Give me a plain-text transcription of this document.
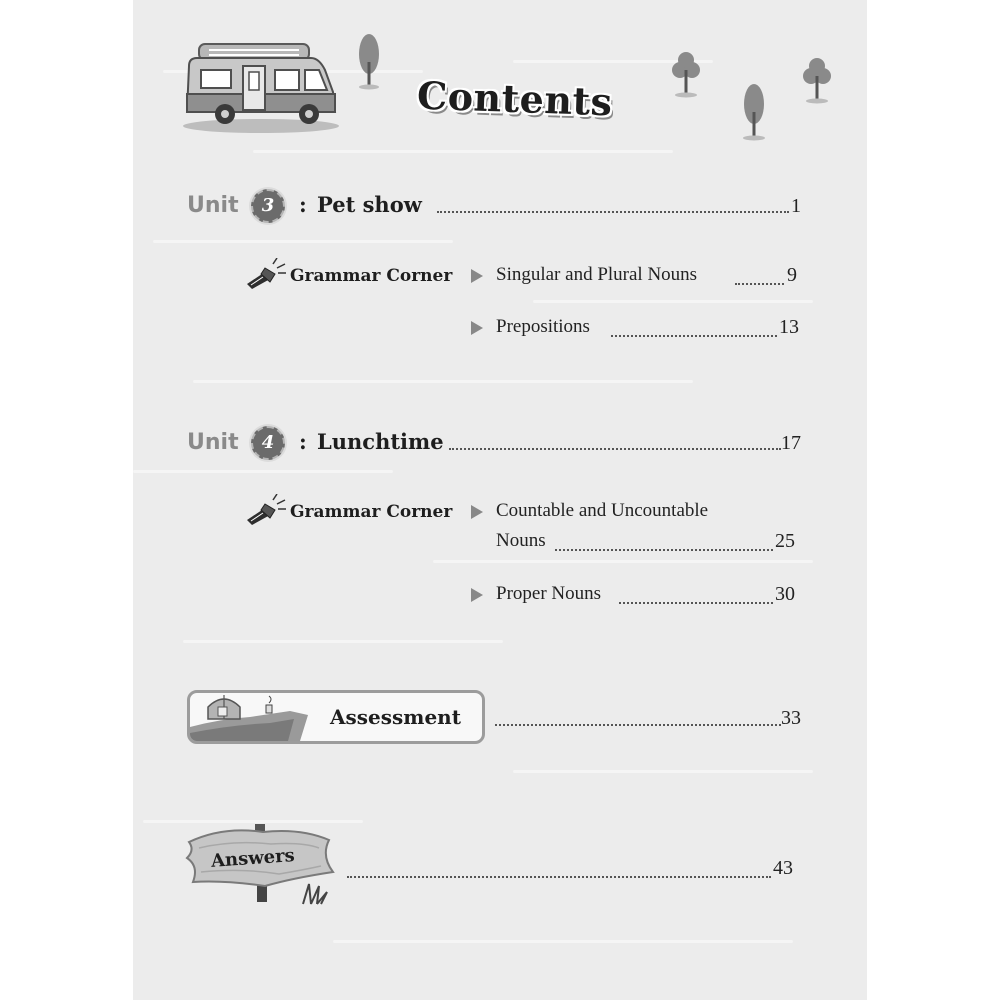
Contents
Unit	3	: Pet show	1
Grammar Corner Singular and Plural Nouns	9
Prepositions	13
Unit	4	: Lunchtime	17
Grammar Corner Countable and Uncountable
Nouns	25
Proper Nouns	30
Assessment	33
Answers	43
